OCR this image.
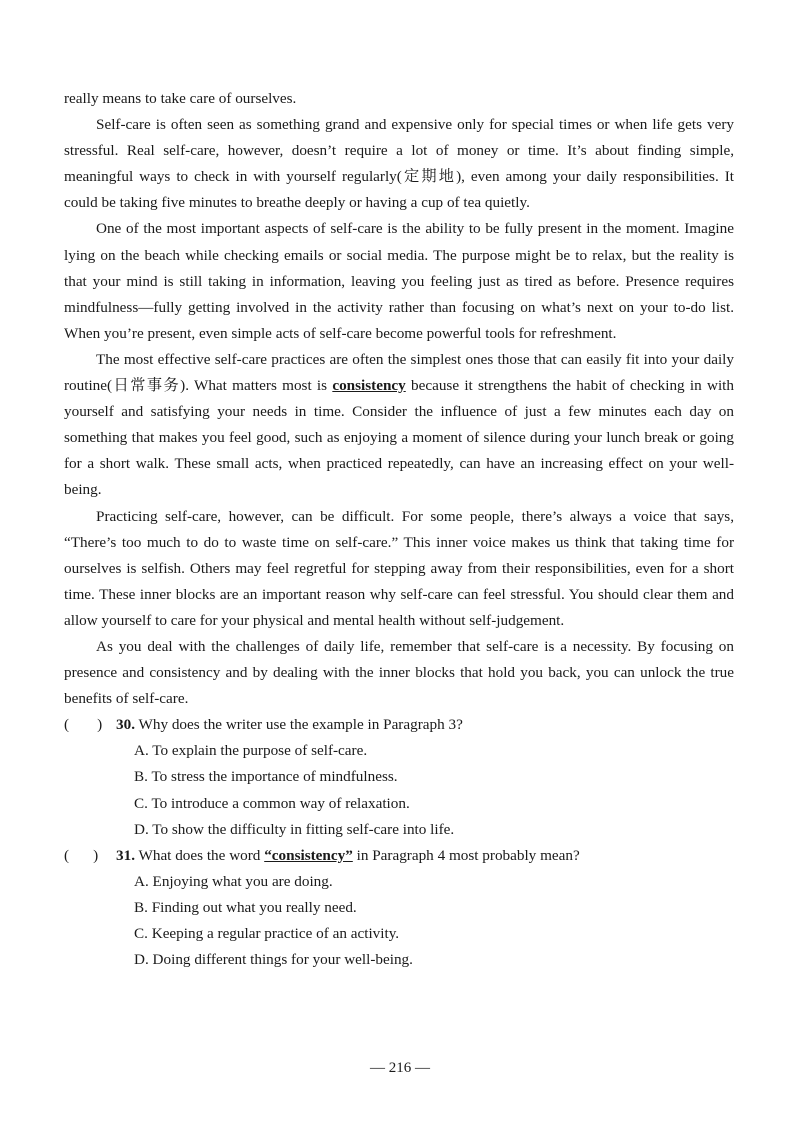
really means to take care of ourselves.

Self-care is often seen as something grand and expensive only for special times or when life gets very stressful. Real self-care, however, doesn’t require a lot of money or time. It’s about finding simple, meaningful ways to check in with yourself regularly(定期地), even among your daily responsibilities. It could be taking five minutes to breathe deeply or having a cup of tea quietly.

One of the most important aspects of self-care is the ability to be fully present in the moment. Imagine lying on the beach while checking emails or social media. The purpose might be to relax, but the reality is that your mind is still taking in information, leaving you feeling just as tired as before. Presence requires mindfulness—fully getting involved in the activity rather than focusing on what’s next on your to-do list. When you’re present, even simple acts of self-care become powerful tools for refreshment.

The most effective self-care practices are often the simplest ones those that can easily fit into your daily routine(日常事务). What matters most is consistency because it strengthens the habit of checking in with yourself and satisfying your needs in time. Consider the influence of just a few minutes each day on something that makes you feel good, such as enjoying a moment of silence during your lunch break or going for a short walk. These small acts, when practiced repeatedly, can have an increasing effect on your well-being.

Practicing self-care, however, can be difficult. For some people, there’s always a voice that says, “There’s too much to do to waste time on self-care.” This inner voice makes us think that taking time for ourselves is selfish. Others may feel regretful for stepping away from their responsibilities, even for a short time. These inner blocks are an important reason why self-care can feel stressful. You should clear them and allow yourself to care for your physical and mental health without self-judgement.

As you deal with the challenges of daily life, remember that self-care is a necessity. By focusing on presence and consistency and by dealing with the inner blocks that hold you back, you can unlock the true benefits of self-care.

( ) 30. Why does the writer use the example in Paragraph 3?

A. To explain the purpose of self-care.

B. To stress the importance of mindfulness.

C. To introduce a common way of relaxation.

D. To show the difficulty in fitting self-care into life.

( )	31. What does the word “consistency” in Paragraph 4 most probably mean?

A. Enjoying what you are doing.

B. Finding out what you really need.

C. Keeping a regular practice of an activity.

D. Doing different things for your well-being.

— 216 —
